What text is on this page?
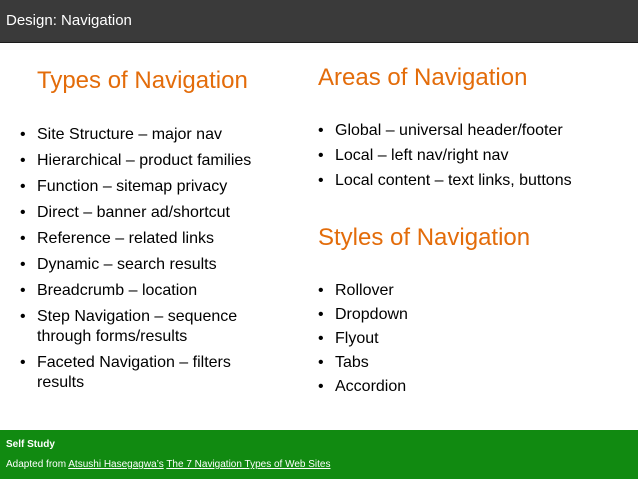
Design: Navigation
Types of Navigation
• Site Structure – major nav
• Hierarchical – product families
• Function – sitemap privacy
• Direct – banner ad/shortcut
• Reference – related links
• Dynamic – search results
• Breadcrumb – location
• Step Navigation – sequence
through forms/results
• Faceted Navigation – filters
results
Areas of Navigation
• Global – universal header/footer
• Local – left nav/right nav
• Local content – text links, buttons
Styles of Navigation
• Rollover
• Dropdown
• Flyout
• Tabs
• Accordion
Self Study
Adapted from Atsushi Hasegagwa’s The 7 Navigation Types of Web Sites
